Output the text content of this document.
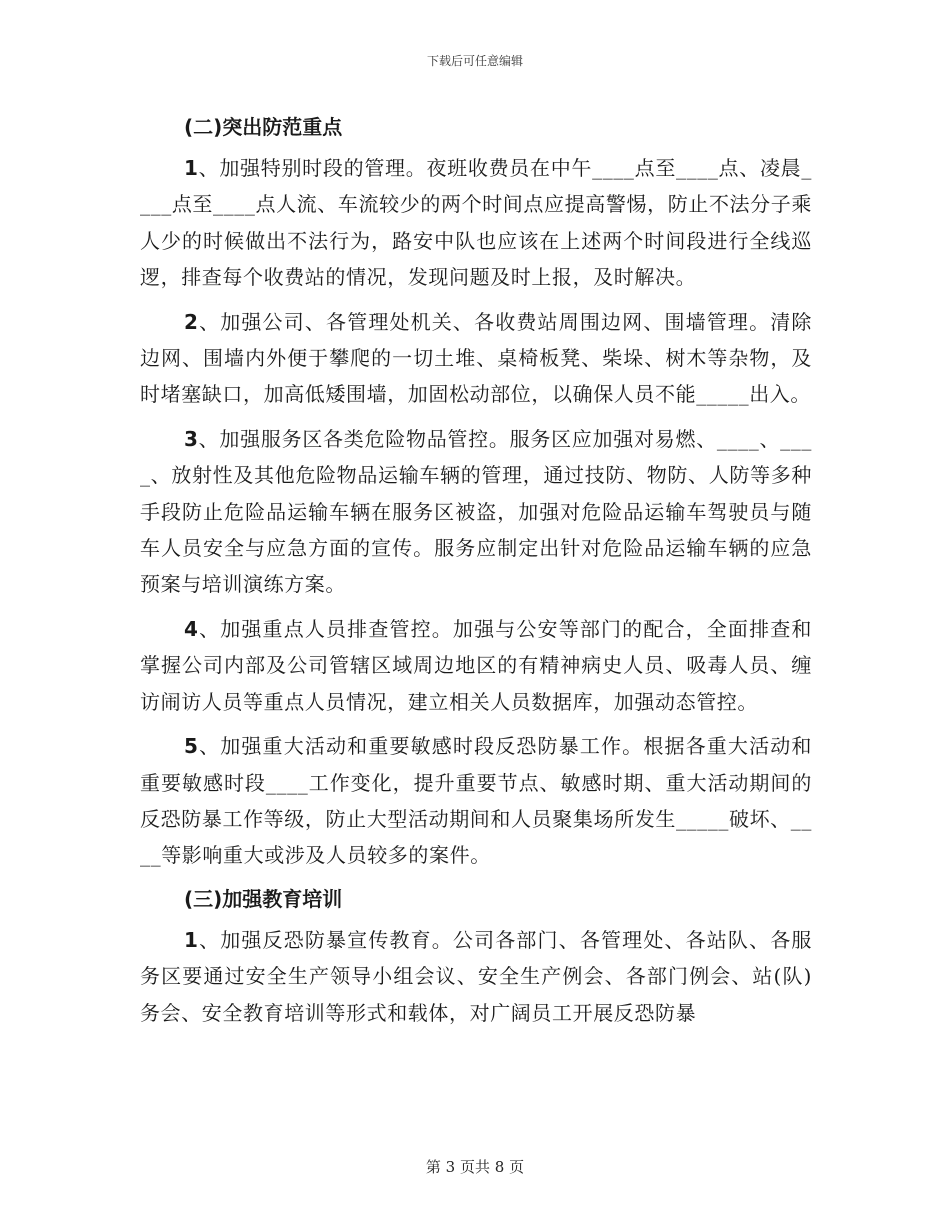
下载后可任意编辑
(二)突出防范重点

1、加强特别时段的管理。夜班收费员在中午____点至____点、凌晨____点至____点人流、车流较少的两个时间点应提高警惕，防止不法分子乘人少的时候做出不法行为，路安中队也应该在上述两个时间段进行全线巡逻，排查每个收费站的情况，发现问题及时上报，及时解决。

2、加强公司、各管理处机关、各收费站周围边网、围墙管理。清除边网、围墙内外便于攀爬的一切土堆、桌椅板凳、柴垛、树木等杂物，及时堵塞缺口，加高低矮围墙，加固松动部位，以确保人员不能_____出入。

3、加强服务区各类危险物品管控。服务区应加强对易燃、____、____、放射性及其他危险物品运输车辆的管理，通过技防、物防、人防等多种手段防止危险品运输车辆在服务区被盗，加强对危险品运输车驾驶员与随车人员安全与应急方面的宣传。服务应制定出针对危险品运输车辆的应急预案与培训演练方案。

4、加强重点人员排查管控。加强与公安等部门的配合，全面排查和掌握公司内部及公司管辖区域周边地区的有精神病史人员、吸毒人员、缠访闹访人员等重点人员情况，建立相关人员数据库，加强动态管控。

5、加强重大活动和重要敏感时段反恐防暴工作。根据各重大活动和重要敏感时段____工作变化，提升重要节点、敏感时期、重大活动期间的反恐防暴工作等级，防止大型活动期间和人员聚集场所发生_____破坏、____等影响重大或涉及人员较多的案件。

(三)加强教育培训

1、加强反恐防暴宣传教育。公司各部门、各管理处、各站队、各服务区要通过安全生产领导小组会议、安全生产例会、各部门例会、站(队)务会、安全教育培训等形式和载体，对广阔员工开展反恐防暴

第 3 页共 8 页
